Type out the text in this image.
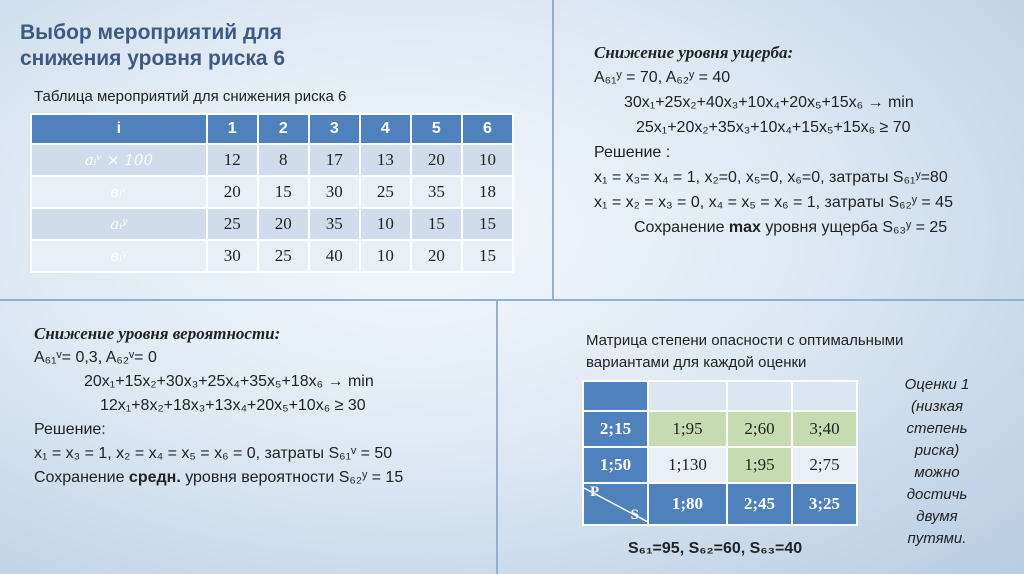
Выбор мероприятий для снижения уровня риска 6
Таблица мероприятий для снижения риска 6
i	1	2	3	4	5	6
aᵢᵛ × 100	12	8	17	13	20	10
вᵢᵛ	20	15	30	25	35	18
aᵢʸ	25	20	35	10	15	15
вᵢʸ	30	25	40	10	20	15
Снижение уровня ущерба:
A₆₁ʸ = 70, A₆₂ʸ = 40
30x₁+25x₂+40x₃+10x₄+20x₅+15x₆ → min
25x₁+20x₂+35x₃+10x₄+15x₅+15x₆ ≥ 70
Решение :
x₁ = x₃= x₄ = 1, x₂=0, x₅=0, x₆=0, затраты S₆₁ʸ=80
x₁ = x₂ = x₃ = 0, x₄ = x₅ = x₆ = 1, затраты S₆₂ʸ = 45
Сохранение max уровня ущерба S₆₃ʸ = 25
Снижение уровня вероятности:
A₆₁ᵛ= 0,3, A₆₂ᵛ= 0
20x₁+15x₂+30x₃+25x₄+35x₅+18x₆ → min
12x₁+8x₂+18x₃+13x₄+20x₅+10x₆ ≥ 30
Решение:
x₁ = x₃ = 1, x₂ = x₄ = x₅ = x₆ = 0, затраты S₆₁ᵛ = 50
Сохранение средн. уровня вероятности S₆₂ʸ = 15
Матрица степени опасности с оптимальными вариантами для каждой оценки

2;15	1;95	2;60	3;40
1;50	1;130	1;95	2;75

P
S	1;80	2;45	3;25
Оценки 1 (низкая степень риска) можно достичь двумя путями.
S₆₁=95, S₆₂=60, S₆₃=40
